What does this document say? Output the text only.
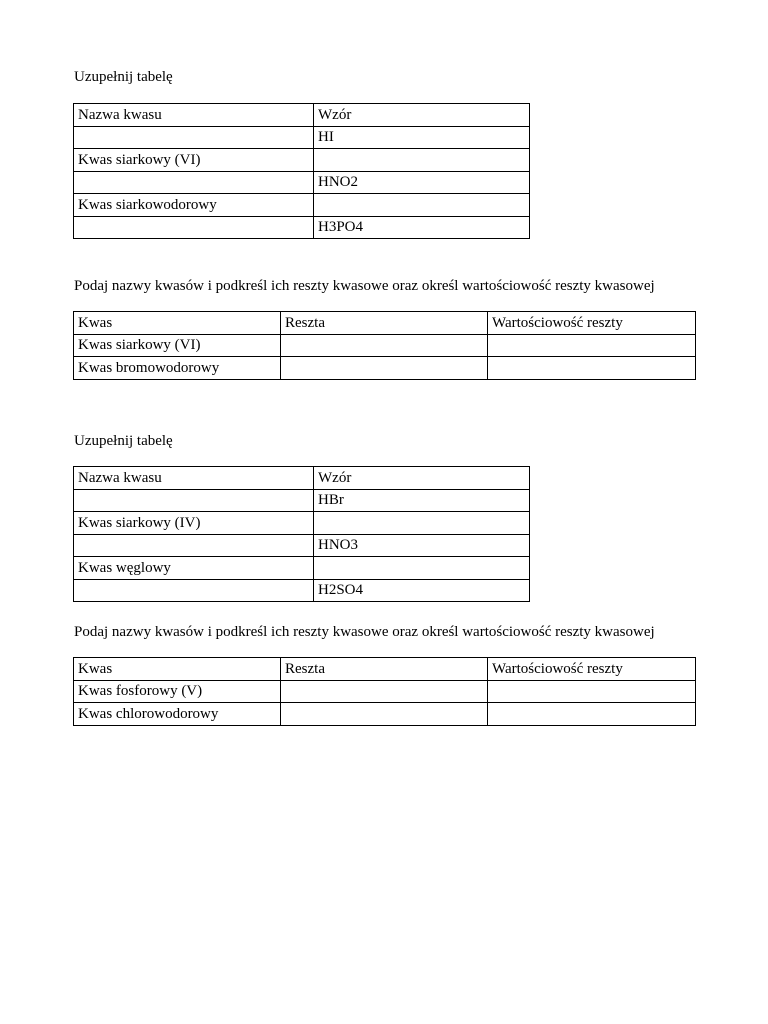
Uzupełnij tabelę

Nazwa kwasu	Wzór
	HI
Kwas siarkowy (VI)	
	HNO2
Kwas siarkowodorowy	
	H3PO4

Podaj nazwy kwasów i podkreśl ich reszty kwasowe oraz określ wartościowość reszty kwasowej

Kwas	Reszta	Wartościowość reszty
Kwas siarkowy (VI)		
Kwas bromowodorowy		

Uzupełnij tabelę

Nazwa kwasu	Wzór
	HBr
Kwas siarkowy (IV)	
	HNO3
Kwas węglowy	
	H2SO4

Podaj nazwy kwasów i podkreśl ich reszty kwasowe oraz określ wartościowość reszty kwasowej

Kwas	Reszta	Wartościowość reszty
Kwas fosforowy (V)		
Kwas chlorowodorowy		
